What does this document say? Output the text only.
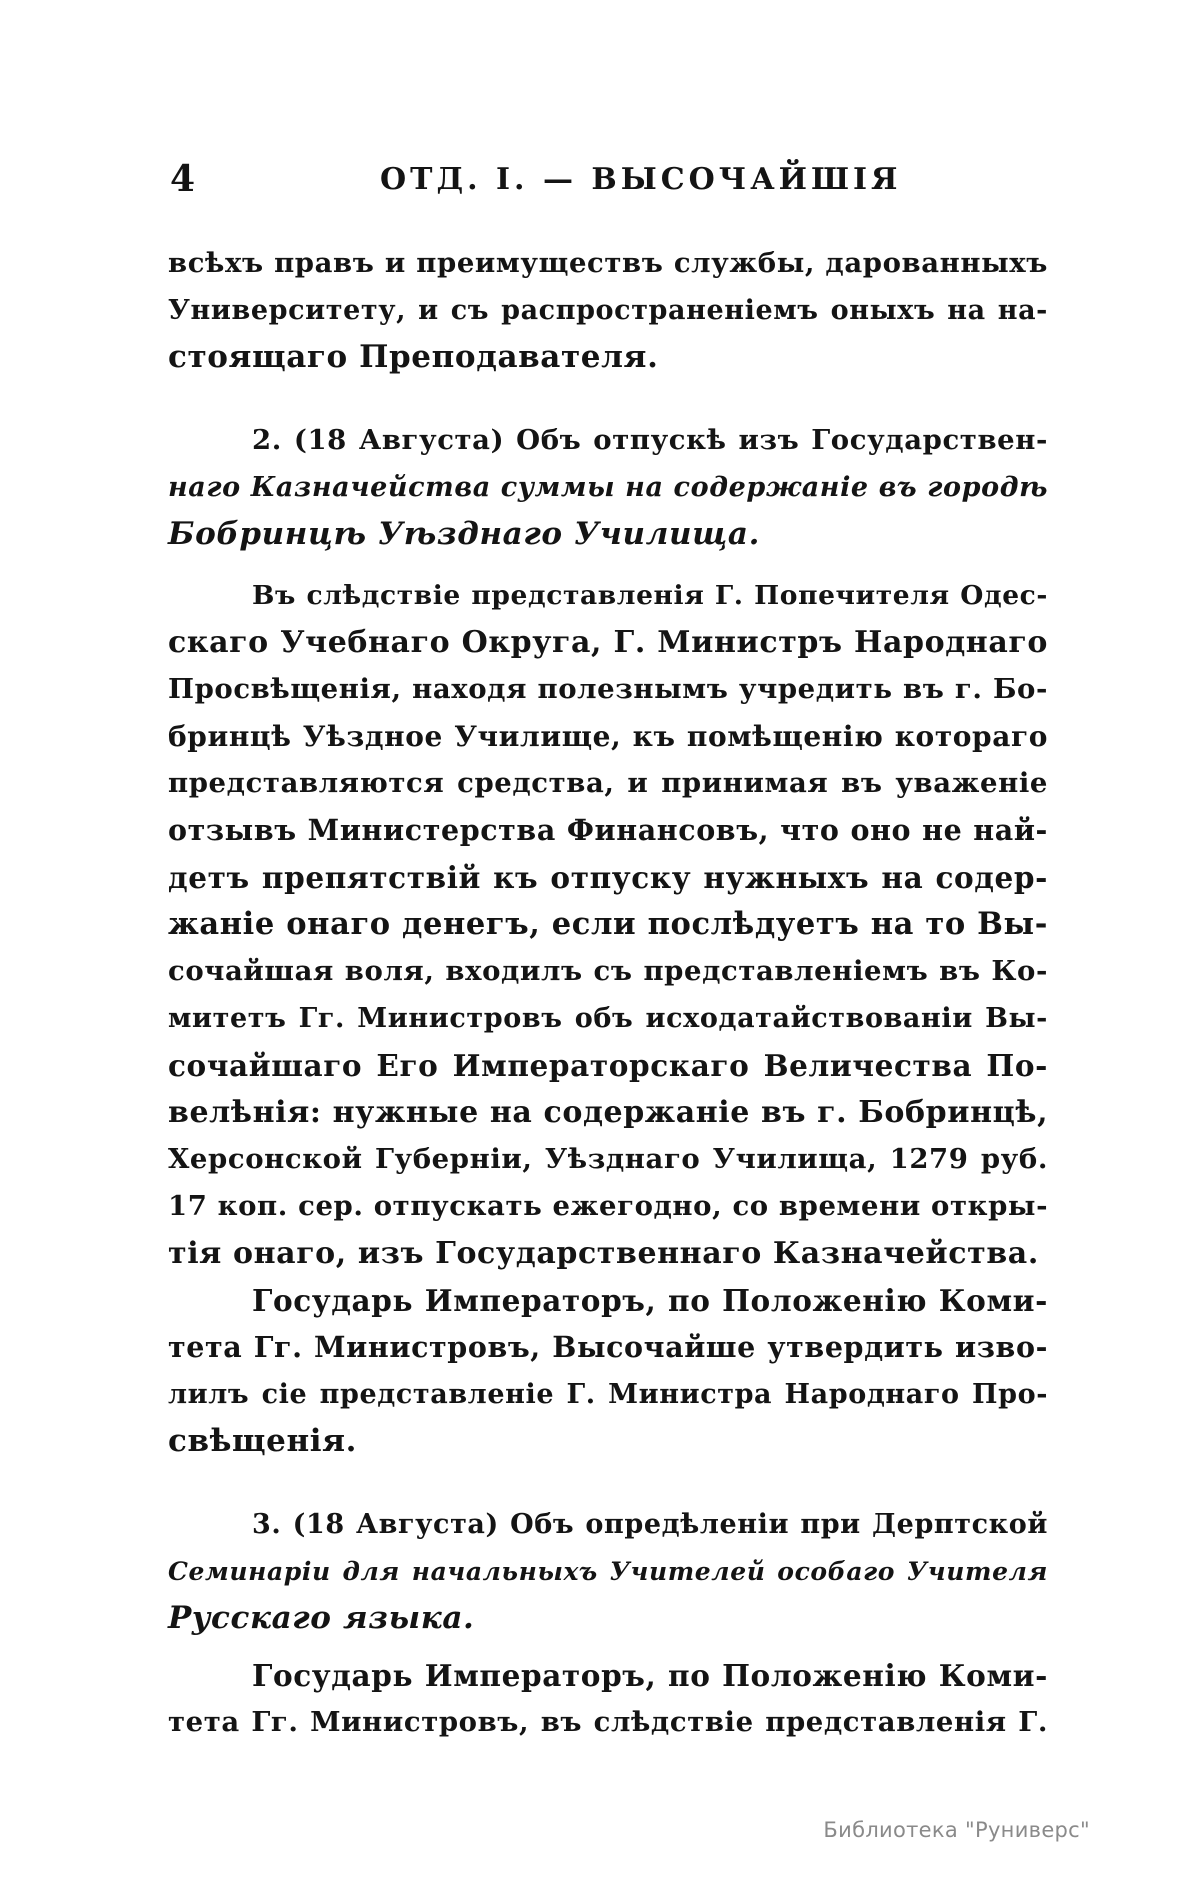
4	ОТД. I. — ВЫСОЧАЙШІЯ
всѣхъ правъ и преимуществъ службы, дарованныхъ
Университету, и съ распространеніемъ оныхъ на на-
стоящаго Преподавателя.
2. (18 Августа) Объ отпускѣ изъ Государствен-
наго Казначейства суммы на содержаніе въ городѣ
Бобринцѣ Уѣзднаго Училища.
Въ слѣдствіе представленія Г. Попечителя Одес-
скаго Учебнаго Округа, Г. Министръ Народнаго
Просвѣщенія, находя полезнымъ учредить въ г. Бо-
бринцѣ Уѣздное Училище, къ помѣщенію котораго
представляются средства, и принимая въ уваженіе
отзывъ Министерства Финансовъ, что оно не най-
детъ препятствій къ отпуску нужныхъ на содер-
жаніе онаго денегъ, если послѣдуетъ на то Вы-
сочайшая воля, входилъ съ представленіемъ въ Ко-
митетъ Гг. Министровъ объ исходатайствованіи Вы-
сочайшаго Его Императорскаго Величества По-
велѣнія: нужные на содержаніе въ г. Бобринцѣ,
Херсонской Губерніи, Уѣзднаго Училища, 1279 руб.
17 коп. сер. отпускать ежегодно, со времени откры-
тія онаго, изъ Государственнаго Казначейства.
Государь Императоръ, по Положенію Коми-
тета Гг. Министровъ, Высочайше утвердить изво-
лилъ сіе представленіе Г. Министра Народнаго Про-
свѣщенія.
3. (18 Августа) Объ опредѣленіи при Дерптской
Семинаріи для начальныхъ Учителей особаго Учителя
Русскаго языка.
Государь Императоръ, по Положенію Коми-
тета Гг. Министровъ, въ слѣдствіе представленія Г.
Библиотека "Руниверс"
